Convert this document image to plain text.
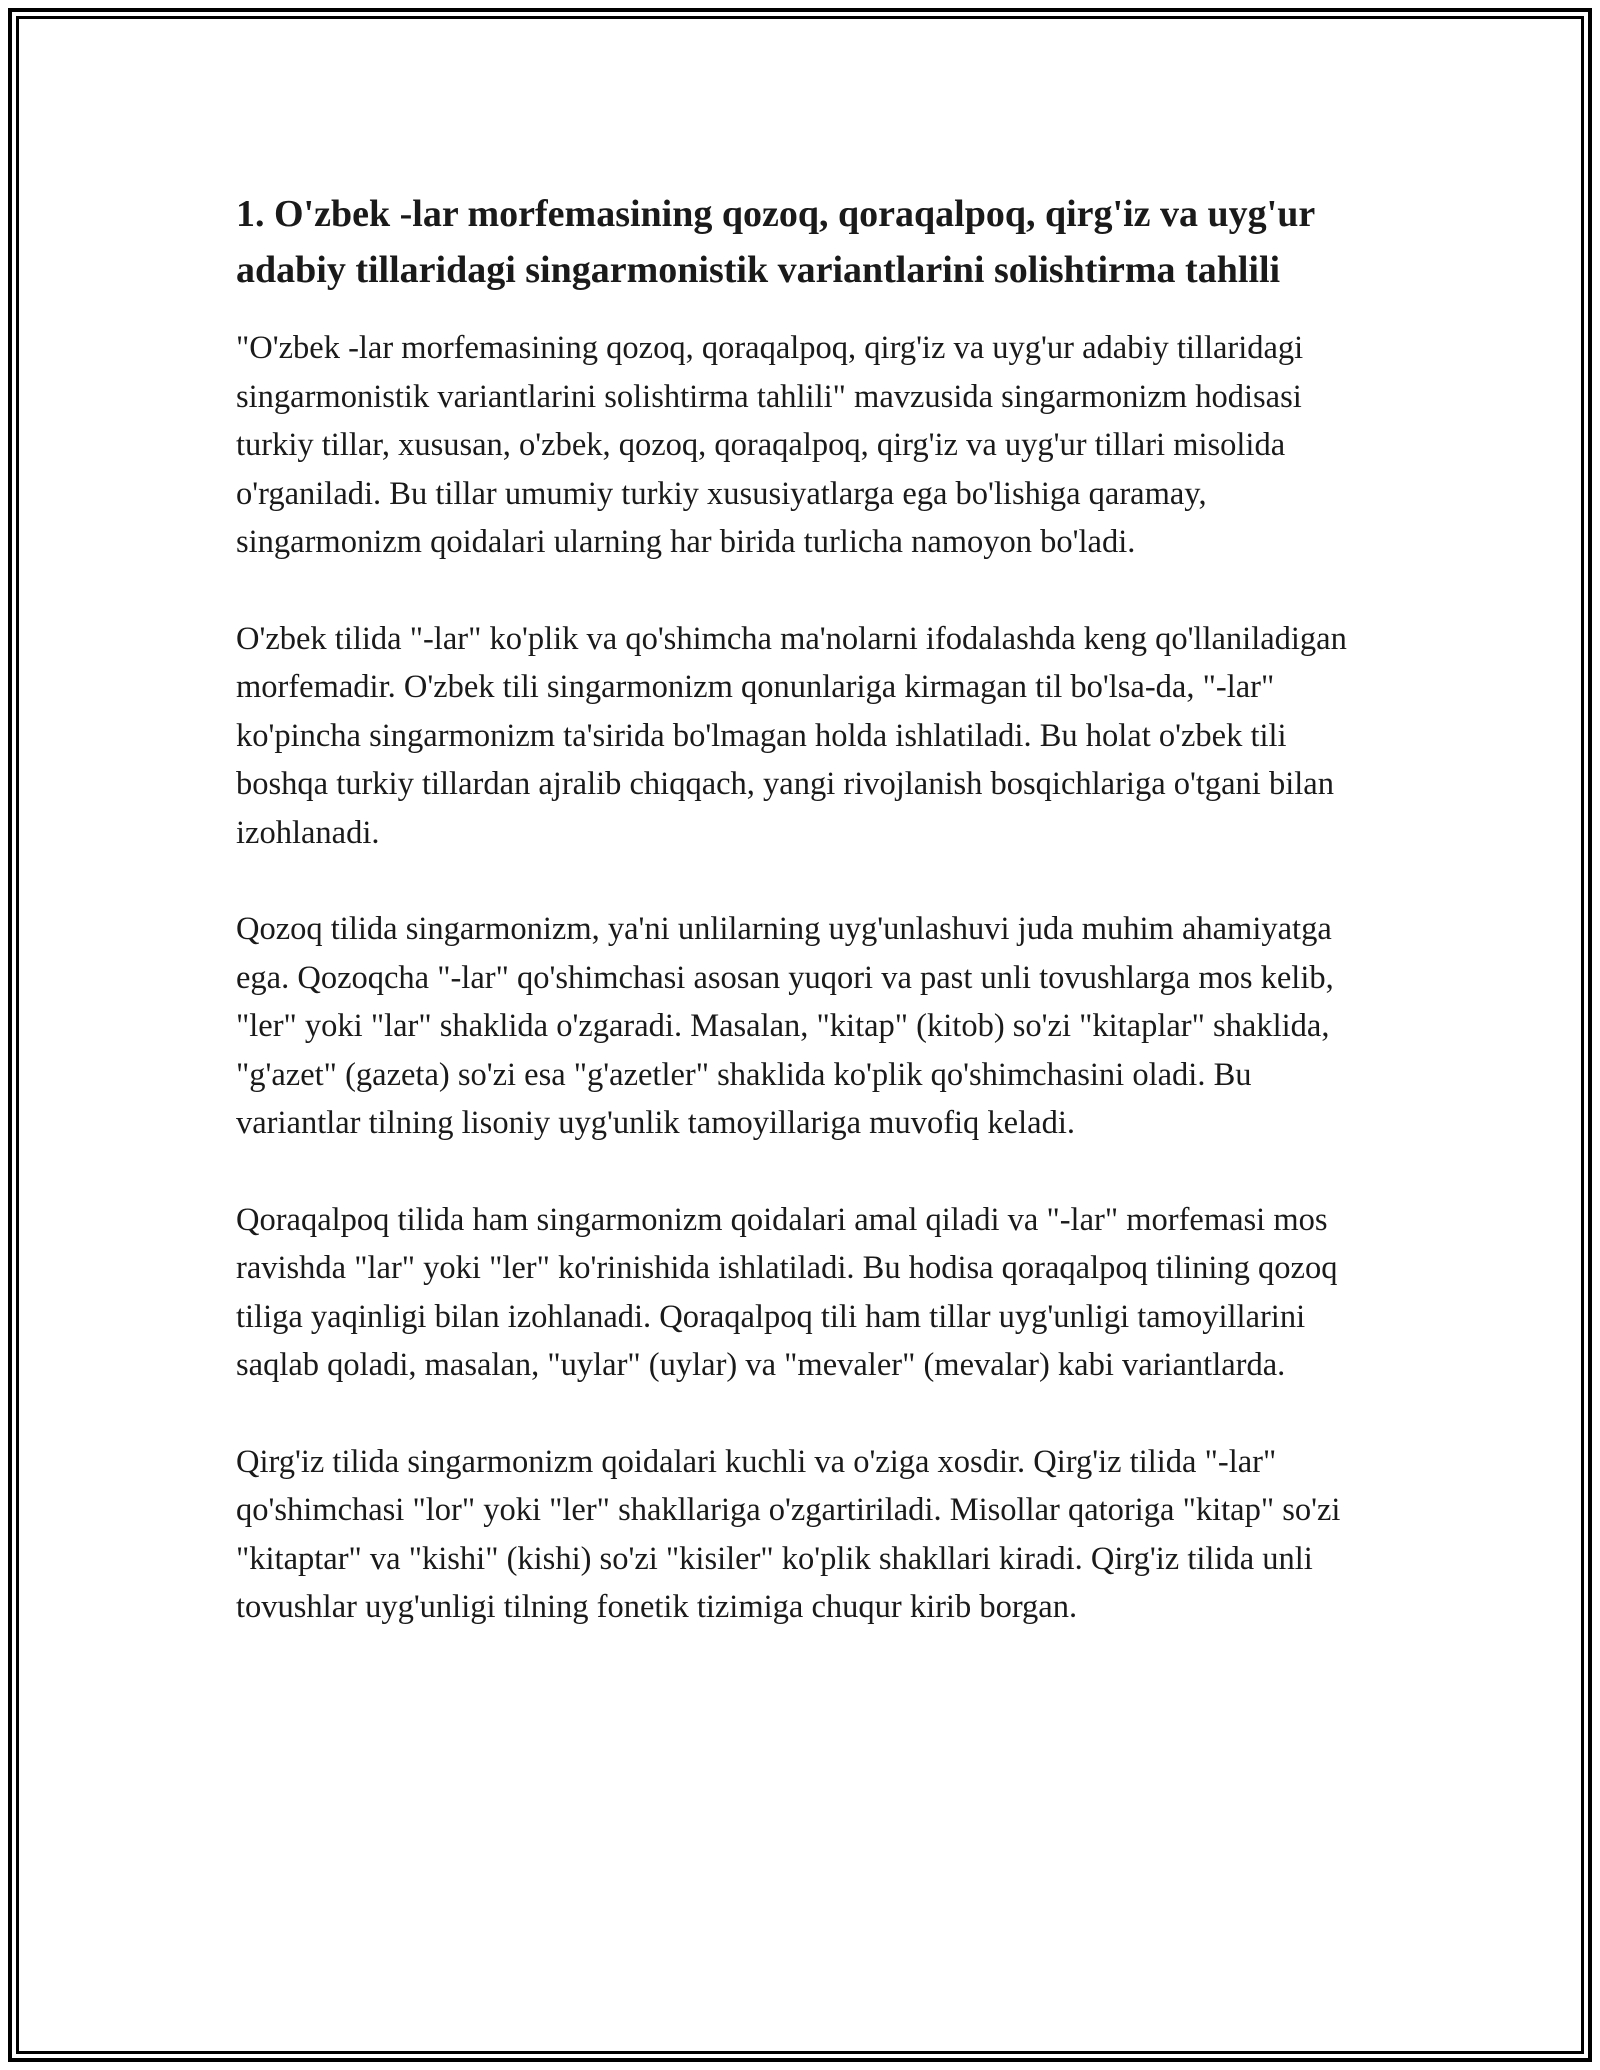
1. O'zbek -lar morfemasining qozoq, qoraqalpoq, qirg'iz va uyg'ur adabiy tillaridagi singarmonistik variantlarini solishtirma tahlili

"O'zbek -lar morfemasining qozoq, qoraqalpoq, qirg'iz va uyg'ur adabiy tillaridagi singarmonistik variantlarini solishtirma tahlili" mavzusida singarmonizm hodisasi turkiy tillar, xususan, o'zbek, qozoq, qoraqalpoq, qirg'iz va uyg'ur tillari misolida o'rganiladi. Bu tillar umumiy turkiy xususiyatlarga ega bo'lishiga qaramay, singarmonizm qoidalari ularning har birida turlicha namoyon bo'ladi.

O'zbek tilida "-lar" ko'plik va qo'shimcha ma'nolarni ifodalashda keng qo'llaniladigan morfemadir. O'zbek tili singarmonizm qonunlariga kirmagan til bo'lsa-da, "-lar" ko'pincha singarmonizm ta'sirida bo'lmagan holda ishlatiladi. Bu holat o'zbek tili boshqa turkiy tillardan ajralib chiqqach, yangi rivojlanish bosqichlariga o'tgani bilan izohlanadi.

Qozoq tilida singarmonizm, ya'ni unlilarning uyg'unlashuvi juda muhim ahamiyatga ega. Qozoqcha "-lar" qo'shimchasi asosan yuqori va past unli tovushlarga mos kelib, "ler" yoki "lar" shaklida o'zgaradi. Masalan, "kitap" (kitob) so'zi "kitaplar" shaklida, "g'azet" (gazeta) so'zi esa "g'azetler" shaklida ko'plik qo'shimchasini oladi. Bu variantlar tilning lisoniy uyg'unlik tamoyillariga muvofiq keladi.

Qoraqalpoq tilida ham singarmonizm qoidalari amal qiladi va "-lar" morfemasi mos ravishda "lar" yoki "ler" ko'rinishida ishlatiladi. Bu hodisa qoraqalpoq tilining qozoq tiliga yaqinligi bilan izohlanadi. Qoraqalpoq tili ham tillar uyg'unligi tamoyillarini saqlab qoladi, masalan, "uylar" (uylar) va "mevaler" (mevalar) kabi variantlarda.

Qirg'iz tilida singarmonizm qoidalari kuchli va o'ziga xosdir. Qirg'iz tilida "-lar" qo'shimchasi "lor" yoki "ler" shakllariga o'zgartiriladi. Misollar qatoriga "kitap" so'zi "kitaptar" va "kishi" (kishi) so'zi "kisiler" ko'plik shakllari kiradi. Qirg'iz tilida unli tovushlar uyg'unligi tilning fonetik tizimiga chuqur kirib borgan.
